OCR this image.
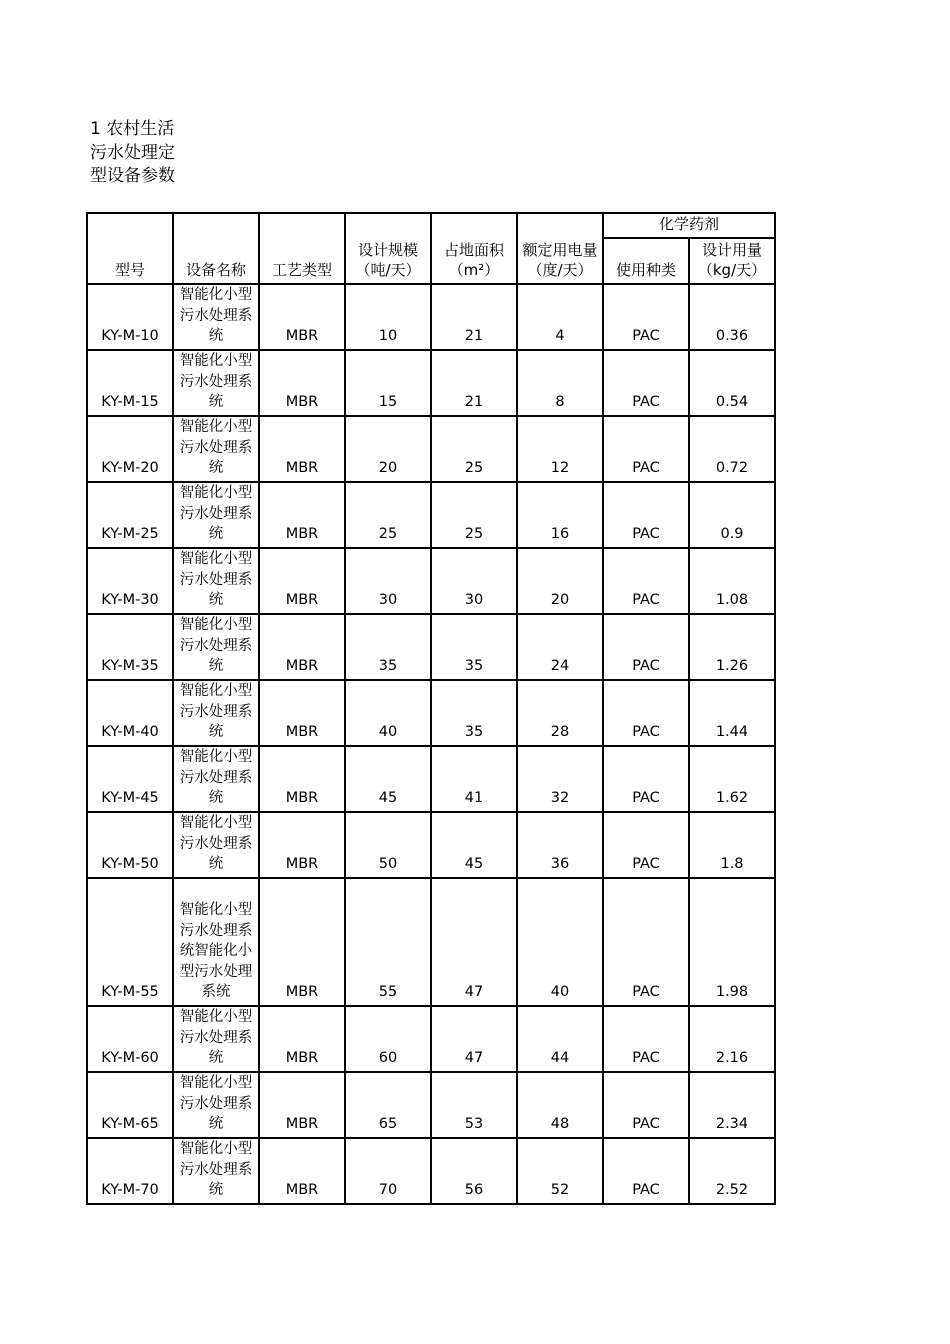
1 农村生活污水处理定型设备参数
型号	设备名称	工艺类型	设计规模（吨/天）	占地面积（m²）	额定用电量（度/天）	化学药剂	
						使用种类	设计用量（kg/天）
KY-M-10	智能化小型污水处理系统	MBR	10	21	4	PAC	0.36
KY-M-15	智能化小型污水处理系统	MBR	15	21	8	PAC	0.54
KY-M-20	智能化小型污水处理系统	MBR	20	25	12	PAC	0.72
KY-M-25	智能化小型污水处理系统	MBR	25	25	16	PAC	0.9
KY-M-30	智能化小型污水处理系统	MBR	30	30	20	PAC	1.08
KY-M-35	智能化小型污水处理系统	MBR	35	35	24	PAC	1.26
KY-M-40	智能化小型污水处理系统	MBR	40	35	28	PAC	1.44
KY-M-45	智能化小型污水处理系统	MBR	45	41	32	PAC	1.62
KY-M-50	智能化小型污水处理系统	MBR	50	45	36	PAC	1.8
KY-M-55	智能化小型污水处理系统智能化小型污水处理系统	MBR	55	47	40	PAC	1.98
KY-M-60	智能化小型污水处理系统	MBR	60	47	44	PAC	2.16
KY-M-65	智能化小型污水处理系统	MBR	65	53	48	PAC	2.34
KY-M-70	智能化小型污水处理系统	MBR	70	56	52	PAC	2.52
